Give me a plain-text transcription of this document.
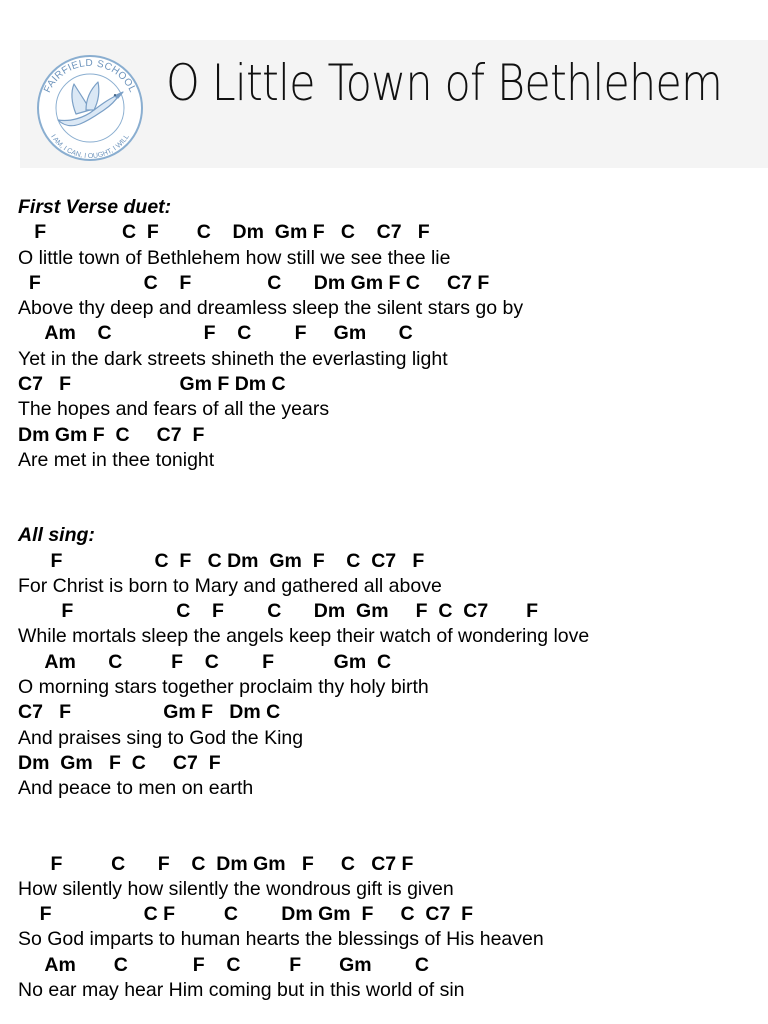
FAIRFIELD SCHOOL
I AM, I CAN, I OUGHT, I WILL
O Little Town of Bethlehem
First Verse duet:
F              C  F       C    Dm  Gm F   C    C7   F
O little town of Bethlehem how still we see thee lie
F                   C    F              C      Dm Gm F C     C7 F
Above thy deep and dreamless sleep the silent stars go by
Am    C                 F    C        F     Gm      C
Yet in the dark streets shineth the everlasting light
C7   F                    Gm F Dm C
The hopes and fears of all the years
Dm Gm F  C     C7  F
Are met in thee tonight
All sing:
F                 C  F   C Dm  Gm  F    C  C7   F
For Christ is born to Mary and gathered all above
F                   C    F        C      Dm  Gm     F  C  C7       F
While mortals sleep the angels keep their watch of wondering love
Am      C         F    C        F           Gm  C
O morning stars together proclaim thy holy birth
C7   F                 Gm F   Dm C
And praises sing to God the King
Dm  Gm   F  C     C7  F
And peace to men on earth
F         C      F    C  Dm Gm   F     C   C7 F
How silently how silently the wondrous gift is given
F                 C F         C        Dm Gm  F     C  C7  F
So God imparts to human hearts the blessings of His heaven
Am       C            F    C         F       Gm        C
No ear may hear Him coming but in this world of sin
